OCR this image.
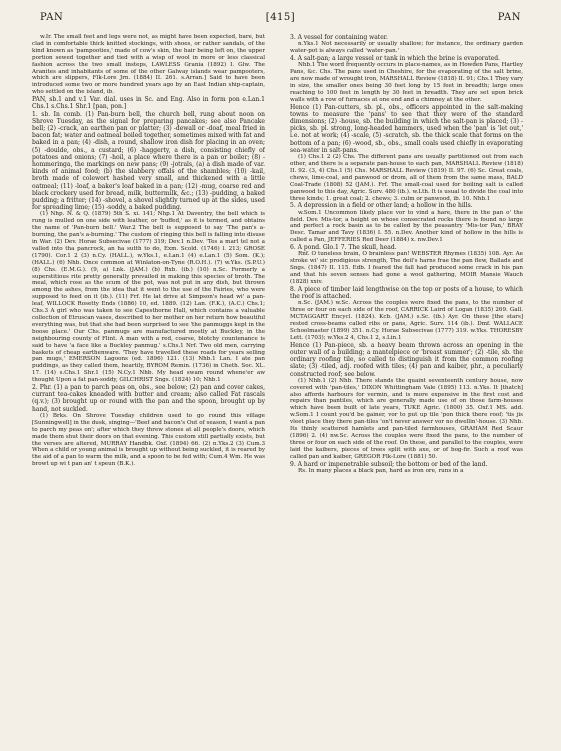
PAN	[415]	PAN

w.Ir. The small feet and legs were not, as might have been expected, bare, but clad in comfortable thick knitted stockings, with shoes, or rather sandals, of the kind known as 'pampooties,' made of cow's skin, the hair being left on, the upper portion sewed together and tied with a wisp of wool in more or less classical fashion across the two small insteps, LAWLESS Grania (1892) I. Glw. The Aranites and inhabitants of some of the other Galway islands wear pampooters, which are slippers, Flk-Lore Jrn. (1884) II. 261. s.Arran.] Said to have been introduced some two or more hundred years ago by an East Indian ship-captain, who settled on the island, ib.

PAN, sb.1 and v.1 Var. dial. uses in Sc. and Eng. Also in form pon e.Lan.1 Chs.1 s.Chs.1 Shr.1 [pan, pon.]

1. sb. In comb. (1) Pan-burn bell, the church bell, rung about noon on Shrove Tuesday, as the signal for preparing pancakes; see also Pancake bell; (2) -crack, an earthen pan or platter; (3) -dewall or -doaf, meal fried in bacon fat; water and oatmeal boiled together, sometimes mixed with fat and baked in a pan; (4) -dish, a round, shallow iron dish for placing in an oven; (5) -doulde, obs., a custard; (6) -haggerty, a dish, consisting chiefly of potatoes and onions; (7) -hoil, a place where there is a pan or boiler; (8) -hommeringa, the markings on new pans; (9) -jotrals, (a) a dish made of var. kinds of animal food; (b) the slabbery offals of the shambles; (10) -kail, broth made of colewort hashed very small, and thickened with a little oatmeal; (11) -loaf, a baker's loaf baked in a pan; (12) -mug, coarse red and black crockery used for bread, milk, buttermilk, &c.; (13) -pudding, a baked pudding; a fritter; (14) -shovel, a shovel slightly turned up at the sides, used for spreading lime; (15) -soddy, a baked pudding.

(1) Nhp. N. & Q. (1879) 5th S. xi. 141; Nhp.1 At Daventry, the bell which is rung is mulled on one side with leather, or 'buffed,' as it is termed, and obtains the name of 'Pan-burn bell.' War.2 The bell is supposed to say 'The pan's a-burning, the pan's a-burning.' The custom of ringing this bell is falling into disuse in War. (2) Dev. Horae Subsecivae (1777) 319; Dev.1 n.Dev. 'Tes a marl tel not a valled into tha pancrock, an ha sutth to do, Exm. Scold. (1746) l. 213; GROSE (1790). Cor.1 2 (3) n.Cy. (HALL.), w.Yks.1, e.Lan.1 (4) e.Lan.1 (5) Som. (K.); (HALL.) (6) Nhb. Once common at Winlaton-on-Tyne (R.O.H.). (7) w.Yks. (S.P.U.) (8) Chs. (E.M.G.). (9, a) Lnk. (JAM.) (b) Rxb. (ib.) (10) n.Sc. Formerly a superstitious rite pretty generally prevailed in making this species of broth. The meal, which rose as the scum of the pot, was not put in any dish, but thrown among the ashes, from the idea that it went to the use of the Fairies, who were supposed to feed on it (ib.). (11) Frf. He lat drive at Simpson's head wi' a pan-leaf, WILLOCK Rosetty Ends (1886) 10, ed. 1889. (12) Lan. (F.K.), (A.C.) Chs.1; Chs.3 A girl who was taken to see Capesthorne Hall, which contains a valuable collection of Etruscan vases, described to her mother on her return how beautiful everything was, but that she had been surprised to see 'the panmuggs kept in the boose place.' Our Chs. panmugs are manufactured mostly at Buckley, in the neighbouring county of Flint. A man with a red, coarse, blotchy countenance is said to have 'a face like a Buckley panmug.' s.Chs.1 Nrf. Two old men, carrying baskets of cheap earthenware. 'They have travelled these roads for years selling pan mugs,' EMERSON Lagoons (ed. 1896) 121. (13) Nhb.1 Lan. I ate pan puddings, as they called them, heartily, BYROM Remin. (1736) in Cheth. Soc. XL. 17. (14) s.Chs.1 Shr.1 (15) N.Cy.1 Nhb. My head swam round whene'er aw thought Upon a fat pan-soddy, GILCHRIST Sngs. (1824) 10; Nhb.1

2. Phr. (1) a pan to parch peas on, obs., see below; (2) pan and cover cakes, currant tea-cakes kneaded with butter and cream; also called Fat rascals (q.v.); (3) brought up or round with the pan and the spoon, brought up by hand, not suckled.

(1) Brks. On Shrove Tuesday children used to go round this village [Sunningwell] in the dusk, singing—'Beef and bacon's Out of season, I want a pan to parch my peas on'; after which they threw stones at all people's doors, which made them shut their doors on that evening. This custom still partially exists, but the verses are altered, MURRAY Handbk. Oxf. (1894) 66. (2) n.Yks.2 (3) Cum.3 When a child or young animal is brought up without being suckled, it is reared by the aid of a pan to warm the milk, and a spoon to be fed with; Cum.4 Wm. He was browt up wi t pan an' t speun (B.K.).

3. A vessel for containing water.

n.Yks.1 Not necessarily or usually shallow; for instance, the ordinary garden water-pot is always called 'water-pan.'

4. A salt-pan; a large vessel or tank in which the brine is evaporated.

Nhb.1 The word frequently occurs in place-names, as in Howden Pans, Hartley Pans, &c. Chs. The pans used in Cheshire, for the evaporating of the salt brine, are now made of wrought iron, MARSHALL Review (1818) II. 91; Chs.1 They vary in size, the smaller ones being 30 feet long by 15 feet in breadth; large ones reaching to 100 feet in length by 30 feet in breadth. They are set upon brick walls with a row of furnaces at one end and a chimney at the other.

Hence (1) Pan-cutters, sb. pl., obs., officers appointed in the salt-making towns to measure the 'pans' to see that they were of the standard dimensions; (2) -house, sb. the building in which the salt-pan is placed; (3) -picks, sb. pl. strong, long-headed hammers, used when the 'pan' is 'let out,' i.e. not at work; (4) -scale, (5) -scratch, sb. the thick scale that forms on the bottom of a pan; (6) -wood, sb., obs., small coals used chiefly in evaporating sea-water in salt-pans.

(1) Chs.1 2 (2) Chs. The different pans are usually partitioned out from each other, and there is a separate pan-house to each pan, MARSHALL Review (1818) II. 92. (3, 4) Chs.1 (5) Chs. MARSHALL Review (1819) II. 97. (6) Sc. Great coals, chews, lime-coal, and panwood or drom, all of them from the same mass, BALD Coal-Trade (1808) 52 (JAM.). Frf. The small-coal used for boiling salt is called panwood to this day, Agric. Surv. 480 (ib.). w.Lth. It is usual to divide the coal into three kinds; 1. great coal; 2. chews; 3. culm or panwood, ib. 10. Nhb.1

5. A depression in a field or other land; a hollow in the hills.

w.Som.1 Uncommon likely place vor to vind a hare, there in the pan o' the field. Dev. Mis-tor, a height on whose consecrated rocks there is found no large and perfect a rock basin as to be called by the peasantry 'Mis-tor Pan,' BRAY Desc. Tamar and Tavy (1836) I. 55. n.Dev. Another kind of hollow in the hills is called a Pan, JEFFERIES Red Deer (1884) x. nw.Dev.1

6. A pond. Glo.1 7. The skull, head.

Rnf. O tuneless brain, O brainless pan! WEBSTER Rhymes (1835) 108. Ayr. Ae stroke wi' sic prodigious strength, The deil's harns frae the pan flew, Ballads and Sngs. (1847) II. 115. Edb. I feared the fall had produced some crack in his pan and that his seven senses had gone a wool gathering, MOIR Mansie Wauch (1828) xxiv.

8. A piece of timber laid lengthwise on the top or posts of a house, to which the roof is attached.

n.Sc. (JAM.) w.Sc. Across the couples were fixed the pans, to the number of three or four on each side of the roof, CARRICK Laird of Logan (1835) 269. Gall. MCTAGGART Encycl. (1824). Kcb. (JAM.) s.Sc. (ib.) Ayr. On these [the stars] rested cross-beams called ribs or pans, Agric. Surv. 114 (ib.). Dmf. WALLACE Schoolmaster (1899) 351. n.Cy. Horae Subsecivae (1777) 319. w.Yks. THORESBY Lett. (1703); w.Yks.2 4, Chs.1 2, s.Lin.1

Hence (1) Pan-piece, sb. a heavy beam thrown across an opening in the outer wall of a building; a mantelpiece or 'breast summer'; (2) -tile, sb. the ordinary roofing tile, so called to distinguish it from the common roofing slate; (3) -tiled, adj. roofed with tiles; (4) pan and kaiber, phr., a peculiarly constructed roof; see below.

(1) Nhb.1 (2) Nhb. There stands the quaint seventeenth century house, now covered with 'pan-tiles,' DIXON Whittingham Vale (1895) 113. n.Yks. It [thatch] also affords harbours for vermin, and is more expensive in the first cost and repairs than pantiles, which are generally made use of on those farm-houses which have been built of late years, TUKE Agric. (1800) 35. Oxf.1 MS. add. w.Som.1 I count you'd be gainer, vor to put up tile 'pon thick there roof; 'tis jis vleet place they there pan-tiles 'on't never answer vor no dwellin'-house. (3) Nhb. Its thinly scattered hamlets and pan-tiled farmhouses, GRAHAM Red Scaur (1896) 2. (4) nw.Sc. Across the couples were fixed the pans, to the number of three or four on each side of the roof. On these, and parallel to the couples, were laid the kaibers, pieces of trees split with axe, or of bog-fir. Such a roof was called pan and kaiber, GREGOR Flk-Lore (1881) 50.

9. A hard or impenetrable subsoil; the bottom or bed of the land.

Rs. In many places a black pan, hard as iron ore, runs in a
